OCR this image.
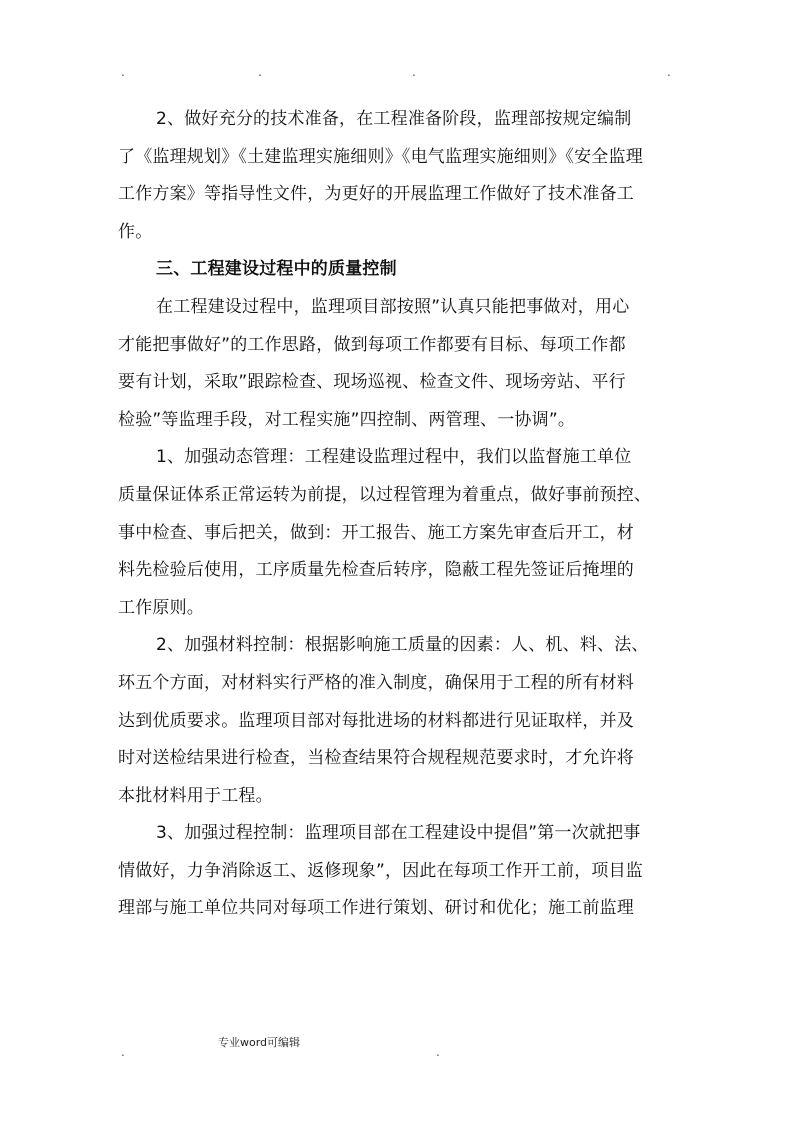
.	.	.	.
2、做好充分的技术准备，在工程准备阶段，监理部按规定编制
了《监理规划》《土建监理实施细则》《电气监理实施细则》《安全监理
工作方案》等指导性文件，为更好的开展监理工作做好了技术准备工
作。
三、工程建设过程中的质量控制
在工程建设过程中，监理项目部按照”认真只能把事做对，用心
才能把事做好”的工作思路，做到每项工作都要有目标、每项工作都
要有计划，采取”跟踪检查、现场巡视、检查文件、现场旁站、平行
检验”等监理手段，对工程实施”四控制、两管理、一协调”。
1、加强动态管理：工程建设监理过程中，我们以监督施工单位
质量保证体系正常运转为前提，以过程管理为着重点，做好事前预控、
事中检查、事后把关，做到：开工报告、施工方案先审查后开工，材
料先检验后使用，工序质量先检查后转序，隐蔽工程先签证后掩埋的
工作原则。
2、加强材料控制：根据影响施工质量的因素：人、机、料、法、
环五个方面，对材料实行严格的准入制度，确保用于工程的所有材料
达到优质要求。监理项目部对每批进场的材料都进行见证取样，并及
时对送检结果进行检查，当检查结果符合规程规范要求时，才允许将
本批材料用于工程。
3、加强过程控制：监理项目部在工程建设中提倡”第一次就把事
情做好，力争消除返工、返修现象”，因此在每项工作开工前，项目监
理部与施工单位共同对每项工作进行策划、研讨和优化；施工前监理
.
专业word可编辑
.
